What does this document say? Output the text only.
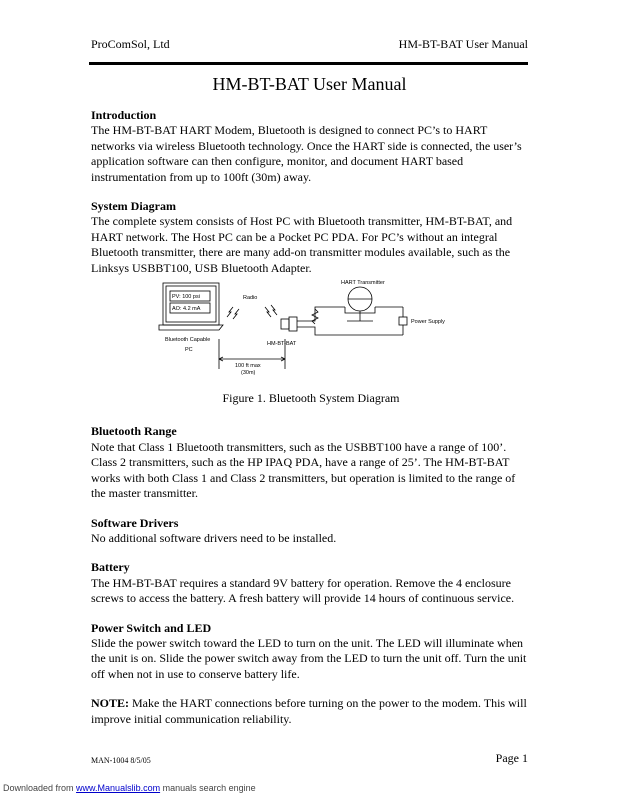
ProComSol, Ltd	HM-BT-BAT User Manual
HM-BT-BAT User Manual
Introduction

The HM-BT-BAT HART Modem, Bluetooth is designed to connect PC’s to HART networks via wireless Bluetooth technology. Once the HART side is connected, the user’s application software can then configure, monitor, and document HART based instrumentation from up to 100ft (30m) away.

System Diagram

The complete system consists of Host PC with Bluetooth transmitter, HM-BT-BAT, and HART network. The Host PC can be a Pocket PC PDA. For PC’s without an integral Bluetooth transmitter, there are many add-on transmitter modules available, such as the Linksys USBBT100, USB Bluetooth Adapter.

PV: 100 psi
AO: 4.2 mA
Bluetooth Capable
PC
Radio
HM-BT-BAT
HART Transmitter
Power Supply
100 ft max
(30m)
Figure 1. Bluetooth System Diagram
Bluetooth Range

Note that Class 1 Bluetooth transmitters, such as the USBBT100 have a range of 100’. Class 2 transmitters, such as the HP IPAQ PDA, have a range of 25’. The HM-BT-BAT works with both Class 1 and Class 2 transmitters, but operation is limited to the range of the master transmitter.

Software Drivers

No additional software drivers need to be installed.

Battery

The HM-BT-BAT requires a standard 9V battery for operation. Remove the 4 enclosure screws to access the battery. A fresh battery will provide 14 hours of continuous service.

Power Switch and LED

Slide the power switch toward the LED to turn on the unit. The LED will illuminate when the unit is on. Slide the power switch away from the LED to turn the unit off. Turn the unit off when not in use to conserve battery life.

NOTE: Make the HART connections before turning on the power to the modem. This will improve initial communication reliability.

MAN-1004 8/5/05	Page 1
Downloaded from www.Manualslib.com manuals search engine
